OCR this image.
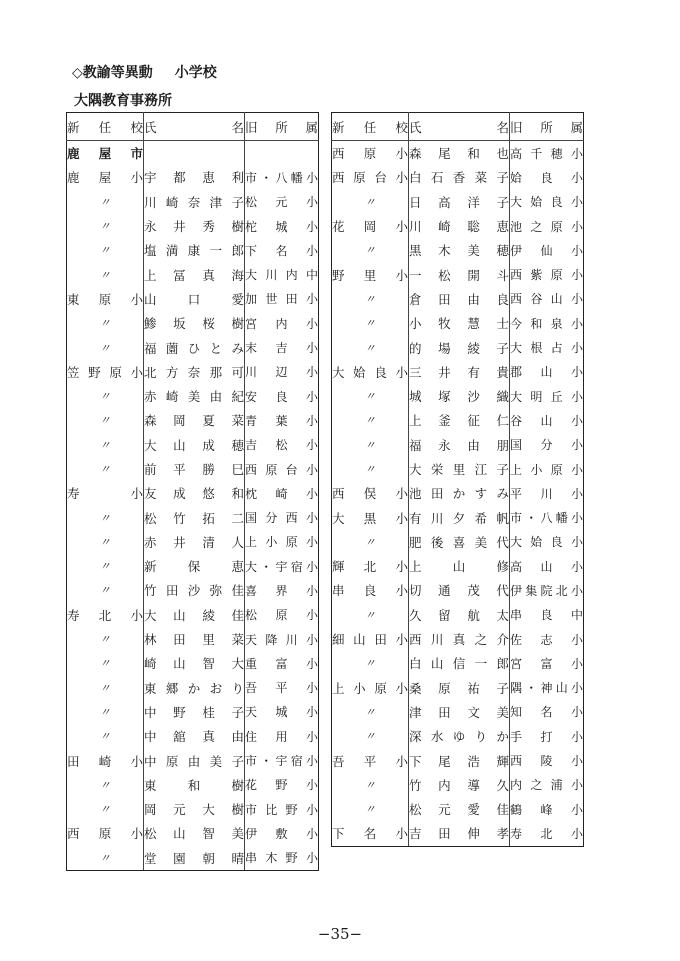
◇教諭等異動 小学校
大隅教育事務所
新任校	氏名	旧所属
鹿屋市		
鹿屋小	宇都恵利	市・八幡小
〃	川崎奈津子	松元小
〃	永井秀樹	柁城小
〃	塩満康一郎	下名小
〃	上冨真海	大川内中
東原小	山口愛	加世田小
〃	鯵坂桜樹	宮内小
〃	福薗ひとみ	末吉小
笠野原小	北方奈那可	川辺小
〃	赤崎美由紀	安良小
〃	森岡夏菜	青葉小
〃	大山成穂	吉松小
〃	前平勝巳	西原台小
寿小	友成悠和	枕崎小
〃	松竹拓二	国分西小
〃	赤井清人	上小原小
〃	新保恵	大・宇宿小
〃	竹田沙弥佳	喜界小
寿北小	大山綾佳	松原小
〃	林田里菜	天降川小
〃	崎山智大	重富小
〃	東郷かおり	吾平小
〃	中野桂子	天城小
〃	中舘真由	住用小
田崎小	中原由美子	市・宇宿小
〃	東和樹	花野小
〃	岡元大樹	市比野小
西原小	松山智美	伊敷小
〃	堂園朝晴	串木野小
新任校	氏名	旧所属
西原小	森尾和也	高千穂小
西原台小	白石香菜子	姶良小
〃	日高洋子	大姶良小
花岡小	川崎聡恵	池之原小
〃	黒木美穂	伊仙小
野里小	一松開斗	西紫原小
〃	倉田由良	西谷山小
〃	小牧慧士	今和泉小
〃	的場綾子	大根占小
大姶良小	三井有貴	郡山小
〃	城塚沙織	大明丘小
〃	上釜征仁	谷山小
〃	福永由朋	国分小
〃	大栄里江子	上小原小
西俣小	池田かすみ	平川小
大黒小	有川夕希帆	市・八幡小
〃	肥後喜美代	大姶良小
輝北小	上山修	高山小
串良小	切通茂代	伊集院北小
〃	久留航太	串良中
細山田小	西川真之介	佐志小
〃	白山信一郎	宮富小
上小原小	桑原祐子	隅・神山小
〃	津田文美	知名小
〃	深水ゆりか	手打小
吾平小	下尾浩輝	西陵小
〃	竹内導久	内之浦小
〃	松元愛佳	鶴峰小
下名小	吉田伸孝	寿北小
−35−
